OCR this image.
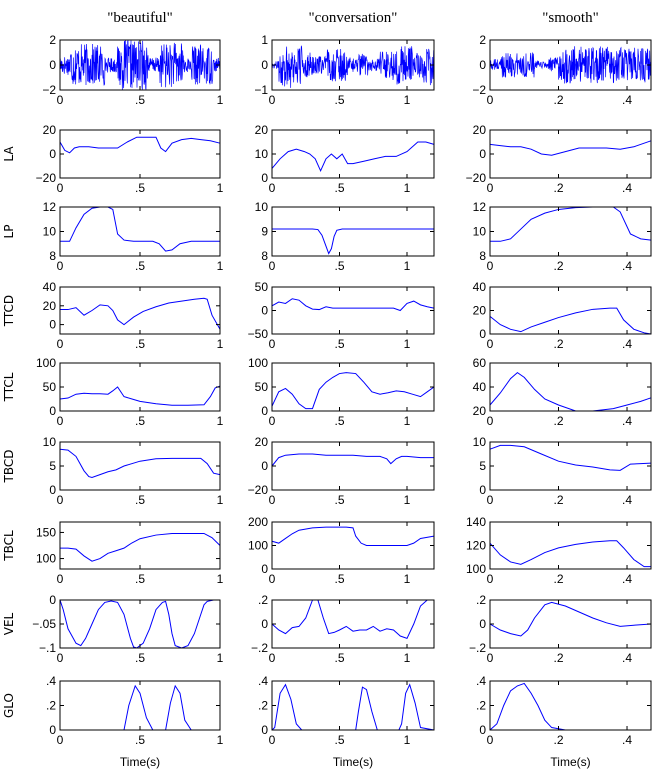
"beautiful"	"conversation"	"smooth"
LA
LP
TTCD
TTCL
TBCD
TBCL
VEL
GLO
Time(s)	Time(s)	Time(s)
0	.5	1
−2
0
2
0	.5	1
−1
0
1
0	.2	.4
−2
0
2
0	.5	1
−20
0
20
0	.5	1
0
10
20
0	.2	.4
−20
0
20
0	.5	1
8
10
12
0	.5	1
8
9
10
0	.2	.4
8
10
12
0	.5	1
0
20
40
0	.5	1
−50
0
50
0	.2	.4
0
20
40
0	.5	1
0
50
100
0	.5	1
0
50
100
0	.2	.4
20
40
60
0	.5	1
0
5
10
0	.5	1
−20
0
20
0	.2	.4
0
5
10
0	.5	1
100
150
0	.5	1
0
100
200
0	.2	.4
100
120
140
0	.5	1
−.1
−.05
0
0	.5	1
−.2
0
.2
0	.2	.4
−.2
0
.2
0	.5	1
0
.2
.4
0	.5	1
0
.2
.4
0	.2	.4
0
.2
.4
